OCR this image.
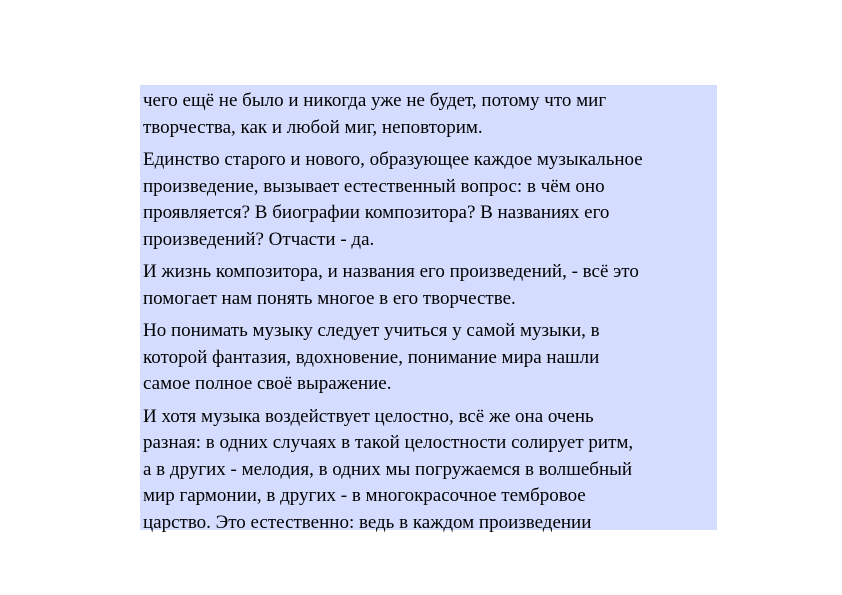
чего ещё не было и никогда уже не будет, потому что миг
творчества, как и любой миг, неповторим.

Единство старого и нового, образующее каждое музыкальное
произведение, вызывает естественный вопрос: в чём оно
проявляется? В биографии композитора? В названиях его
произведений? Отчасти - да.

И жизнь композитора, и названия его произведений, - всё это
помогает нам понять многое в его творчестве.

Но понимать музыку следует учиться у самой музыки, в
которой фантазия, вдохновение, понимание мира нашли
самое полное своё выражение.

И хотя музыка воздействует целостно, всё же она очень
разная: в одних случаях в такой целостности солирует ритм,
а в других - мелодия, в одних мы погружаемся в волшебный
мир гармонии, в других - в многокрасочное тембровое
царство. Это естественно: ведь в каждом произведении
